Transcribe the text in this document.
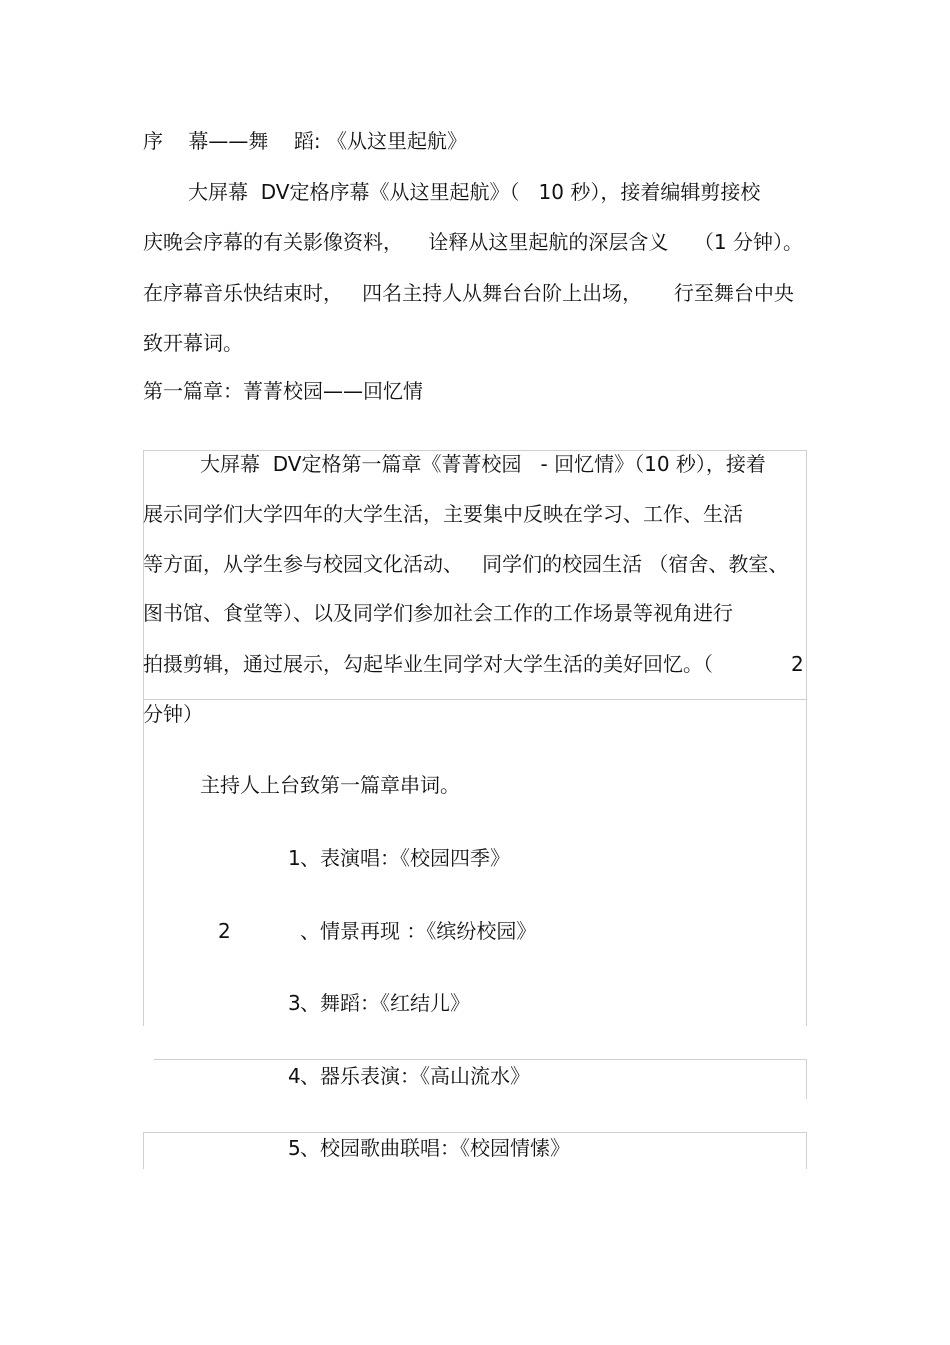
序    幕——舞    蹈: 《从这里起航》
大屏幕  DV定格序幕《从这里起航》（   10 秒），接着编辑剪接校
庆晚会序幕的有关影像资料，    诠释从这里起航的深层含义    （1 分钟）。
在序幕音乐快结束时，   四名主持人从舞台台阶上出场，     行至舞台中央
致开幕词。
第一篇章：菁菁校园——回忆情
大屏幕  DV定格第一篇章《菁菁校园   - 回忆情》（10 秒），接着
展示同学们大学四年的大学生活，主要集中反映在学习、工作、生活
等方面，从学生参与校园文化活动、   同学们的校园生活 （宿舍、教室、
图书馆、食堂等）、以及同学们参加社会工作的工作场景等视角进行
拍摄剪辑，通过展示，勾起毕业生同学对大学生活的美好回忆。（	2
分钟）
主持人上台致第一篇章串词。
1 、表演唱：《校园四季》
2	、情景再现 ：《缤纷校园》
3 、舞蹈：《红结儿》
4 、器乐表演：《高山流水》
5 、校园歌曲联唱：《校园情愫》
